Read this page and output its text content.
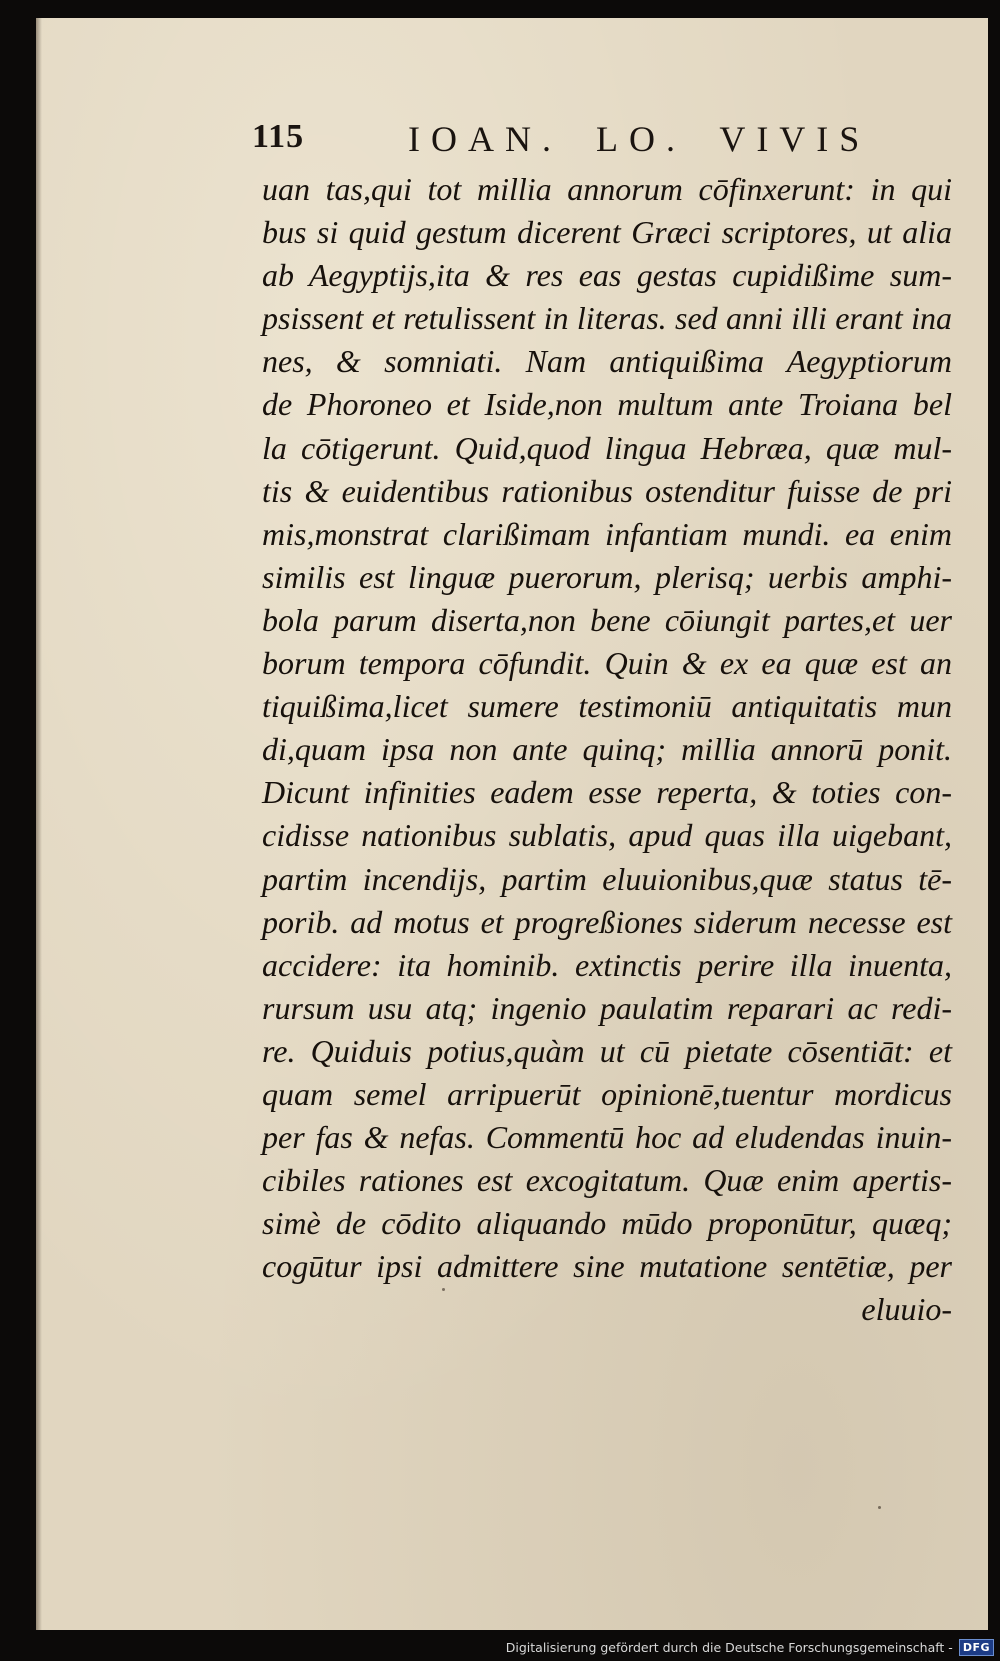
115	IOAN. LO. VIVIS
uan tas,qui tot millia annorum cōfinxerunt: in qui
bus si quid gestum dicerent Græci scriptores, ut alia
ab Aegyptijs,ita & res eas gestas cupidißime sum-
psissent et retulissent in literas. sed anni illi erant ina
nes, & somniati. Nam antiquißima Aegyptiorum
de Phoroneo et Iside,non multum ante Troiana bel
la cōtigerunt. Quid,quod lingua Hebræa, quæ mul-
tis & euidentibus rationibus ostenditur fuisse de pri
mis,monstrat clarißimam infantiam mundi. ea enim
similis est linguæ puerorum, plerisq; uerbis amphi-
bola parum diserta,non bene cōiungit partes,et uer
borum tempora cōfundit. Quin & ex ea quæ est an
tiquißima,licet sumere testimoniū antiquitatis mun
di,quam ipsa non ante quinq; millia annorū ponit.
Dicunt infinities eadem esse reperta, & toties con-
cidisse nationibus sublatis, apud quas illa uigebant,
partim incendijs, partim eluuionibus,quæ status tē-
porib. ad motus et progreßiones siderum necesse est
accidere: ita hominib. extinctis perire illa inuenta,
rursum usu atq; ingenio paulatim reparari ac redi-
re. Quiduis potius,quàm ut cū pietate cōsentiāt: et
quam semel arripuerūt opinionē,tuentur mordicus
per fas & nefas. Commentū hoc ad eludendas inuin-
cibiles rationes est excogitatum. Quæ enim apertis-
simè de cōdito aliquando mūdo proponūtur, quæq;
cogūtur ipsi admittere sine mutatione sentētiæ, per
eluuio-
Digitalisierung gefördert durch die Deutsche Forschungsgemeinschaft - DFG
